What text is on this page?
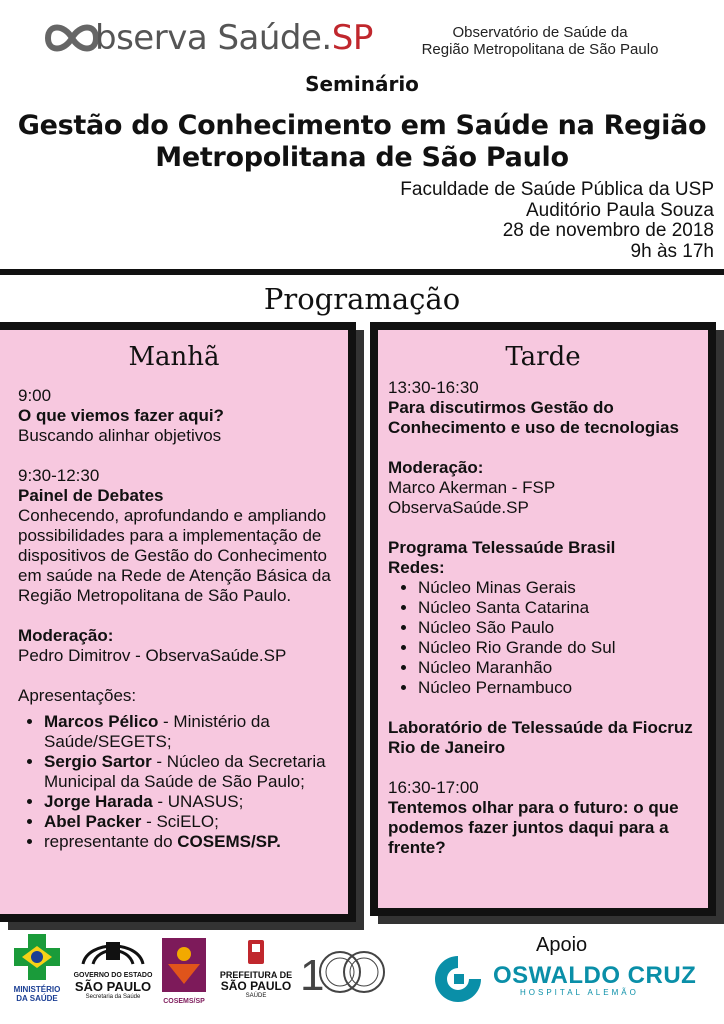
bserva Saúde.SP	Observatório de Saúde da
Região Metropolitana de São Paulo
Seminário
Gestão do Conhecimento em Saúde na Região
Metropolitana de São Paulo
Faculdade de Saúde Pública da USP
Auditório Paula Souza
28 de novembro de 2018
9h às 17h
Programação
Manhã
9:00
O que viemos fazer aqui?
Buscando alinhar objetivos
9:30-12:30
Painel de Debates
Conhecendo, aprofundando e ampliando possibilidades para a implementação de dispositivos de Gestão do Conhecimento em saúde na Rede de Atenção Básica da Região Metropolitana de São Paulo.
Moderação:
Pedro Dimitrov - ObservaSaúde.SP
Apresentações:
• Marcos Pélico - Ministério da Saúde/SEGETS;
• Sergio Sartor - Núcleo da Secretaria Municipal da Saúde de São Paulo;
• Jorge Harada - UNASUS;
• Abel Packer - SciELO;
• representante do COSEMS/SP.
Tarde
13:30-16:30
Para discutirmos Gestão do Conhecimento e uso de tecnologias
Moderação:
Marco Akerman - FSP
ObservaSaúde.SP
Programa Telessaúde Brasil
Redes:
• Núcleo Minas Gerais
• Núcleo Santa Catarina
• Núcleo São Paulo
• Núcleo Rio Grande do Sul
• Núcleo Maranhão
• Núcleo Pernambuco
Laboratório de Telessaúde da Fiocruz Rio de Janeiro
16:30-17:00
Tentemos olhar para o futuro: o que podemos fazer juntos daqui para a frente?
MINISTÉRIO DA SAÚDE
GOVERNO DO ESTADO
SÃO PAULO
Secretaria da Saúde
COSEMS/SP
PREFEITURA DE
SÃO PAULO
SAÚDE 1
Apoio
OSWALDO CRUZ
HOSPITAL ALEMÃO
